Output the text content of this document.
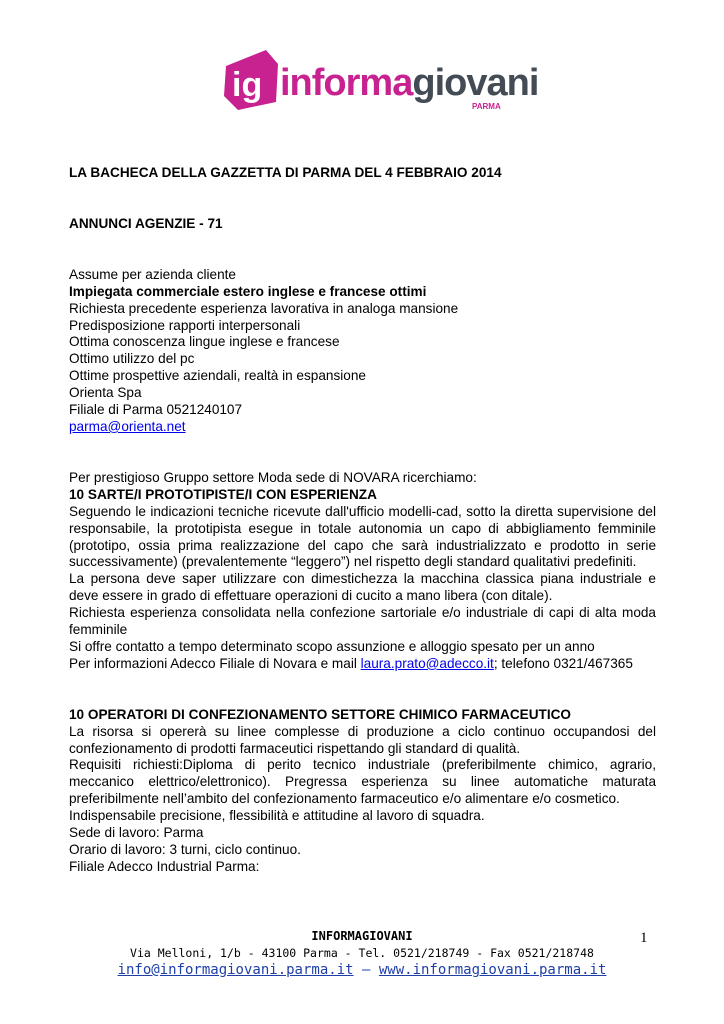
ig informagiovani
PARMA

LA BACHECA DELLA GAZZETTA DI PARMA DEL 4 FEBBRAIO 2014

ANNUNCI AGENZIE - 71

Assume per azienda cliente

Impiegata commerciale estero inglese e francese ottimi

Richiesta precedente esperienza lavorativa in analoga mansione

Predisposizione rapporti interpersonali

Ottima conoscenza lingue inglese e francese

Ottimo utilizzo del pc

Ottime prospettive aziendali, realtà in espansione

Orienta Spa

Filiale di Parma 0521240107

parma@orienta.net

Per prestigioso Gruppo settore Moda sede di NOVARA ricerchiamo:

10 SARTE/I PROTOTIPISTE/I CON ESPERIENZA

Seguendo le indicazioni tecniche ricevute dall'ufficio modelli-cad, sotto la diretta supervisione del responsabile, la prototipista esegue in totale autonomia un capo di abbigliamento femminile (prototipo, ossia prima realizzazione del capo che sarà industrializzato e prodotto in serie successivamente) (prevalentemente “leggero”) nel rispetto degli standard qualitativi predefiniti.

La persona deve saper utilizzare con dimestichezza la macchina classica piana industriale e deve essere in grado di effettuare operazioni di cucito a mano libera (con ditale).

Richiesta esperienza consolidata nella confezione sartoriale e/o industriale di capi di alta moda femminile

Si offre contatto a tempo determinato scopo assunzione e alloggio spesato per un anno

Per informazioni Adecco Filiale di Novara e mail laura.prato@adecco.it; telefono 0321/467365

10 OPERATORI DI CONFEZIONAMENTO SETTORE CHIMICO FARMACEUTICO

La risorsa si opererà su linee complesse di produzione a ciclo continuo occupandosi del confezionamento di prodotti farmaceutici rispettando gli standard di qualità.

Requisiti richiesti:Diploma di perito tecnico industriale (preferibilmente chimico, agrario, meccanico elettrico/elettronico). Pregressa esperienza su linee automatiche maturata preferibilmente nell’ambito del confezionamento farmaceutico e/o alimentare e/o cosmetico.

Indispensabile precisione, flessibilità e attitudine al lavoro di squadra.

Sede di lavoro: Parma

Orario di lavoro: 3 turni, ciclo continuo.

Filiale Adecco Industrial Parma:

INFORMAGIOVANI
Via Melloni, 1/b - 43100 Parma - Tel. 0521/218749 - Fax 0521/218748
info@informagiovani.parma.it – www.informagiovani.parma.it
1
